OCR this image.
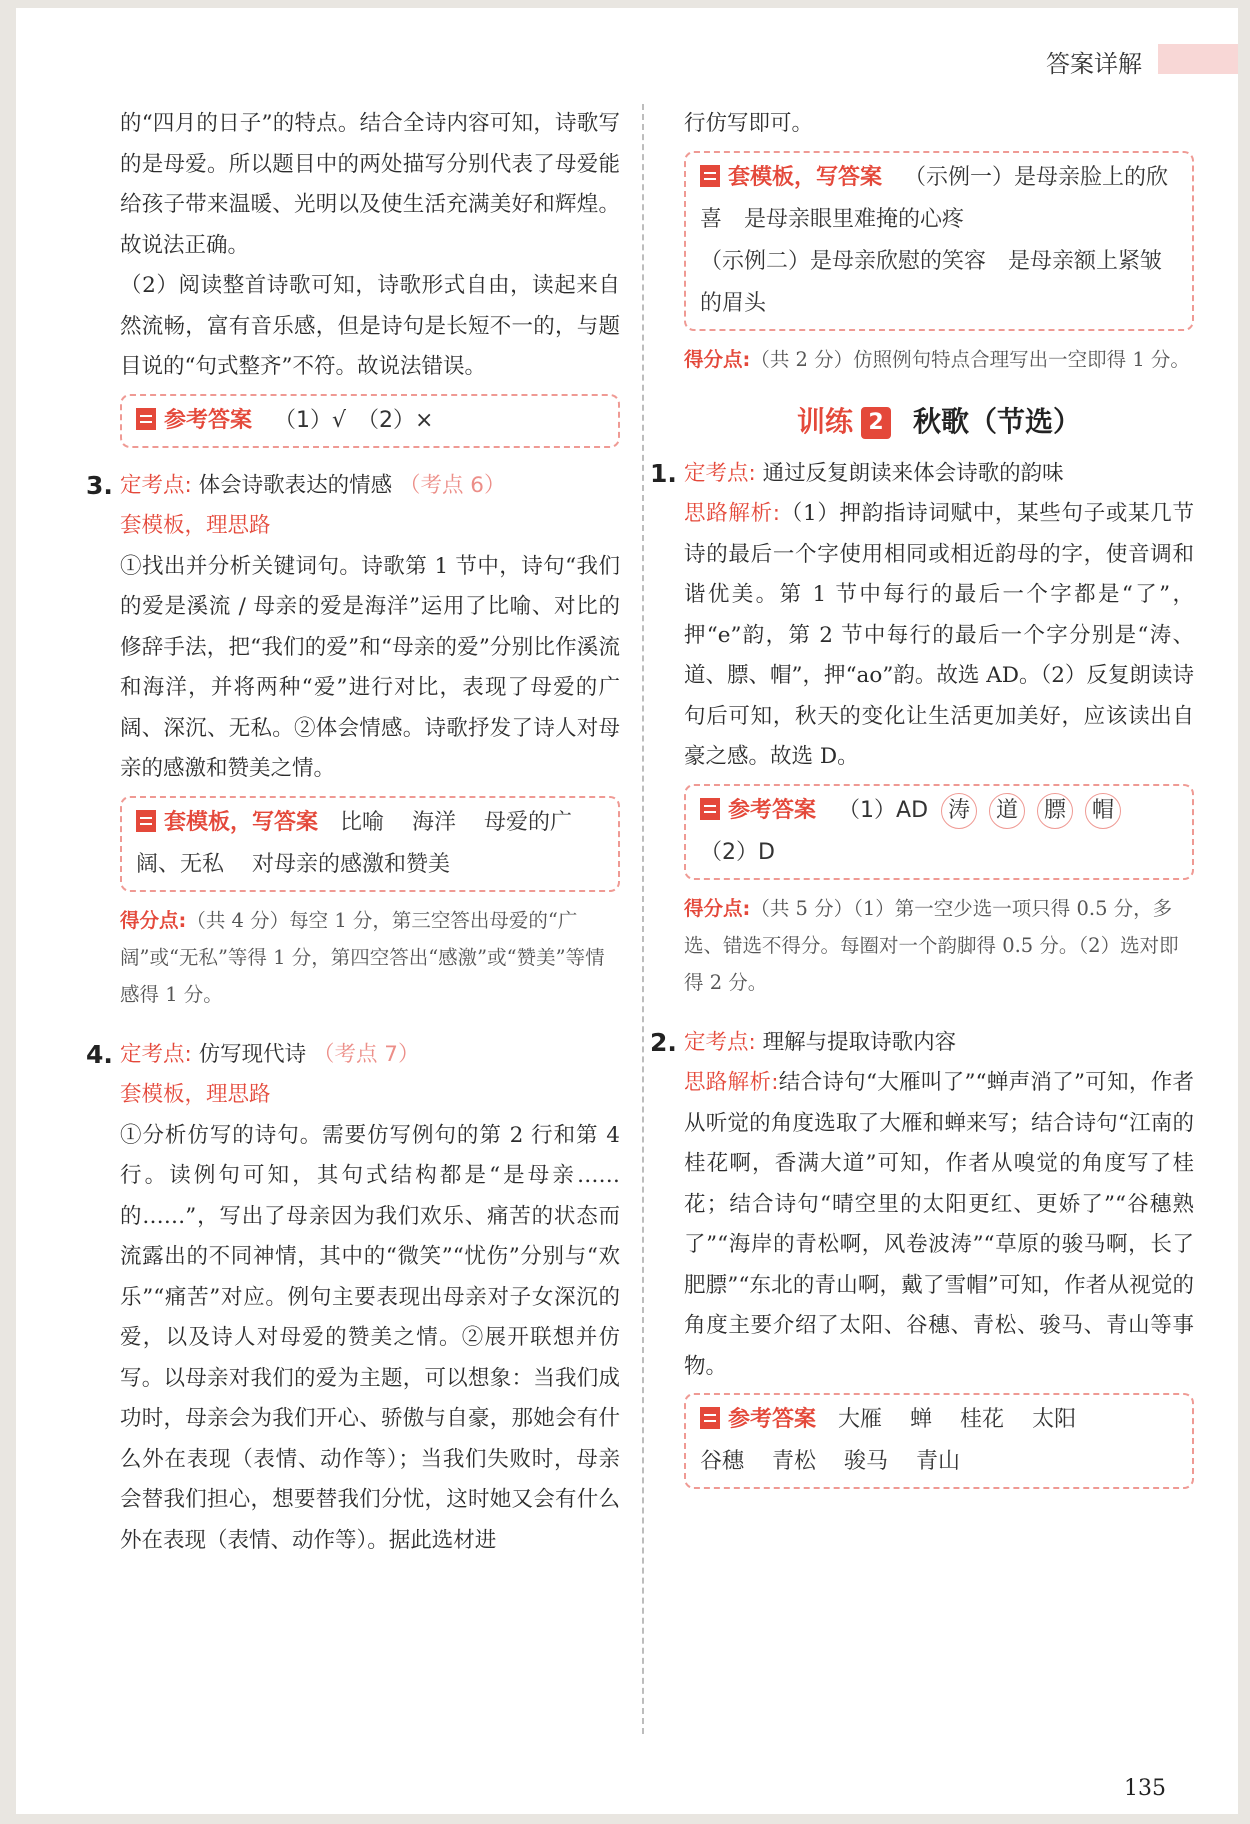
答案详解

的“四月的日子”的特点。结合全诗内容可知，诗歌写的是母爱。所以题目中的两处描写分别代表了母爱能给孩子带来温暖、光明以及使生活充满美好和辉煌。故说法正确。

（2）阅读整首诗歌可知，诗歌形式自由，读起来自然流畅，富有音乐感，但是诗句是长短不一的，与题目说的“句式整齐”不符。故说法错误。

参考答案 （1）√　（2）×
3. 定考点: 体会诗歌表达的情感 （考点 6）
套模板，理思路

①找出并分析关键词句。诗歌第 1 节中，诗句“我们的爱是溪流 / 母亲的爱是海洋”运用了比喻、对比的修辞手法，把“我们的爱”和“母亲的爱”分别比作溪流和海洋，并将两种“爱”进行对比，表现了母爱的广阔、深沉、无私。②体会情感。诗歌抒发了诗人对母亲的感激和赞美之情。

套模板，写答案 比喻 海洋 母爱的广阔、无私 对母亲的感激和赞美

得分点:（共 4 分）每空 1 分，第三空答出母爱的“广阔”或“无私”等得 1 分，第四空答出“感激”或“赞美”等情感得 1 分。

4. 定考点: 仿写现代诗 （考点 7）
套模板，理思路

①分析仿写的诗句。需要仿写例句的第 2 行和第 4 行。读例句可知，其句式结构都是“是母亲……的……”，写出了母亲因为我们欢乐、痛苦的状态而流露出的不同神情，其中的“微笑”“忧伤”分别与“欢乐”“痛苦”对应。例句主要表现出母亲对子女深沉的爱，以及诗人对母爱的赞美之情。②展开联想并仿写。以母亲对我们的爱为主题，可以想象：当我们成功时，母亲会为我们开心、骄傲与自豪，那她会有什么外在表现（表情、动作等）；当我们失败时，母亲会替我们担心，想要替我们分忧，这时她又会有什么外在表现（表情、动作等）。据此选材进

行仿写即可。

套模板，写答案 （示例一）是母亲脸上的欣喜　是母亲眼里难掩的心疼
（示例二）是母亲欣慰的笑容　是母亲额上紧皱的眉头

得分点:（共 2 分）仿照例句特点合理写出一空即得 1 分。

训练 2 秋歌（节选）
1. 定考点: 通过反复朗读来体会诗歌的韵味

思路解析:（1）押韵指诗词赋中，某些句子或某几节诗的最后一个字使用相同或相近韵母的字，使音调和谐优美。第 1 节中每行的最后一个字都是“了”，押“e”韵，第 2 节中每行的最后一个字分别是“涛、道、膘、帽”，押“ao”韵。故选 AD。（2）反复朗读诗句后可知，秋天的变化让生活更加美好，应该读出自豪之感。故选 D。

参考答案 （1）AD 涛 道 膘 帽
（2）D

得分点:（共 5 分）（1）第一空少选一项只得 0.5 分，多选、错选不得分。每圈对一个韵脚得 0.5 分。（2）选对即得 2 分。

2. 定考点: 理解与提取诗歌内容

思路解析:结合诗句“大雁叫了”“蝉声消了”可知，作者从听觉的角度选取了大雁和蝉来写；结合诗句“江南的桂花啊，香满大道”可知，作者从嗅觉的角度写了桂花；结合诗句“晴空里的太阳更红、更娇了”“谷穗熟了”“海岸的青松啊，风卷波涛”“草原的骏马啊，长了肥膘”“东北的青山啊，戴了雪帽”可知，作者从视觉的角度主要介绍了太阳、谷穗、青松、骏马、青山等事物。

参考答案 大雁 蝉 桂花 太阳
谷穗 青松 骏马 青山
135
